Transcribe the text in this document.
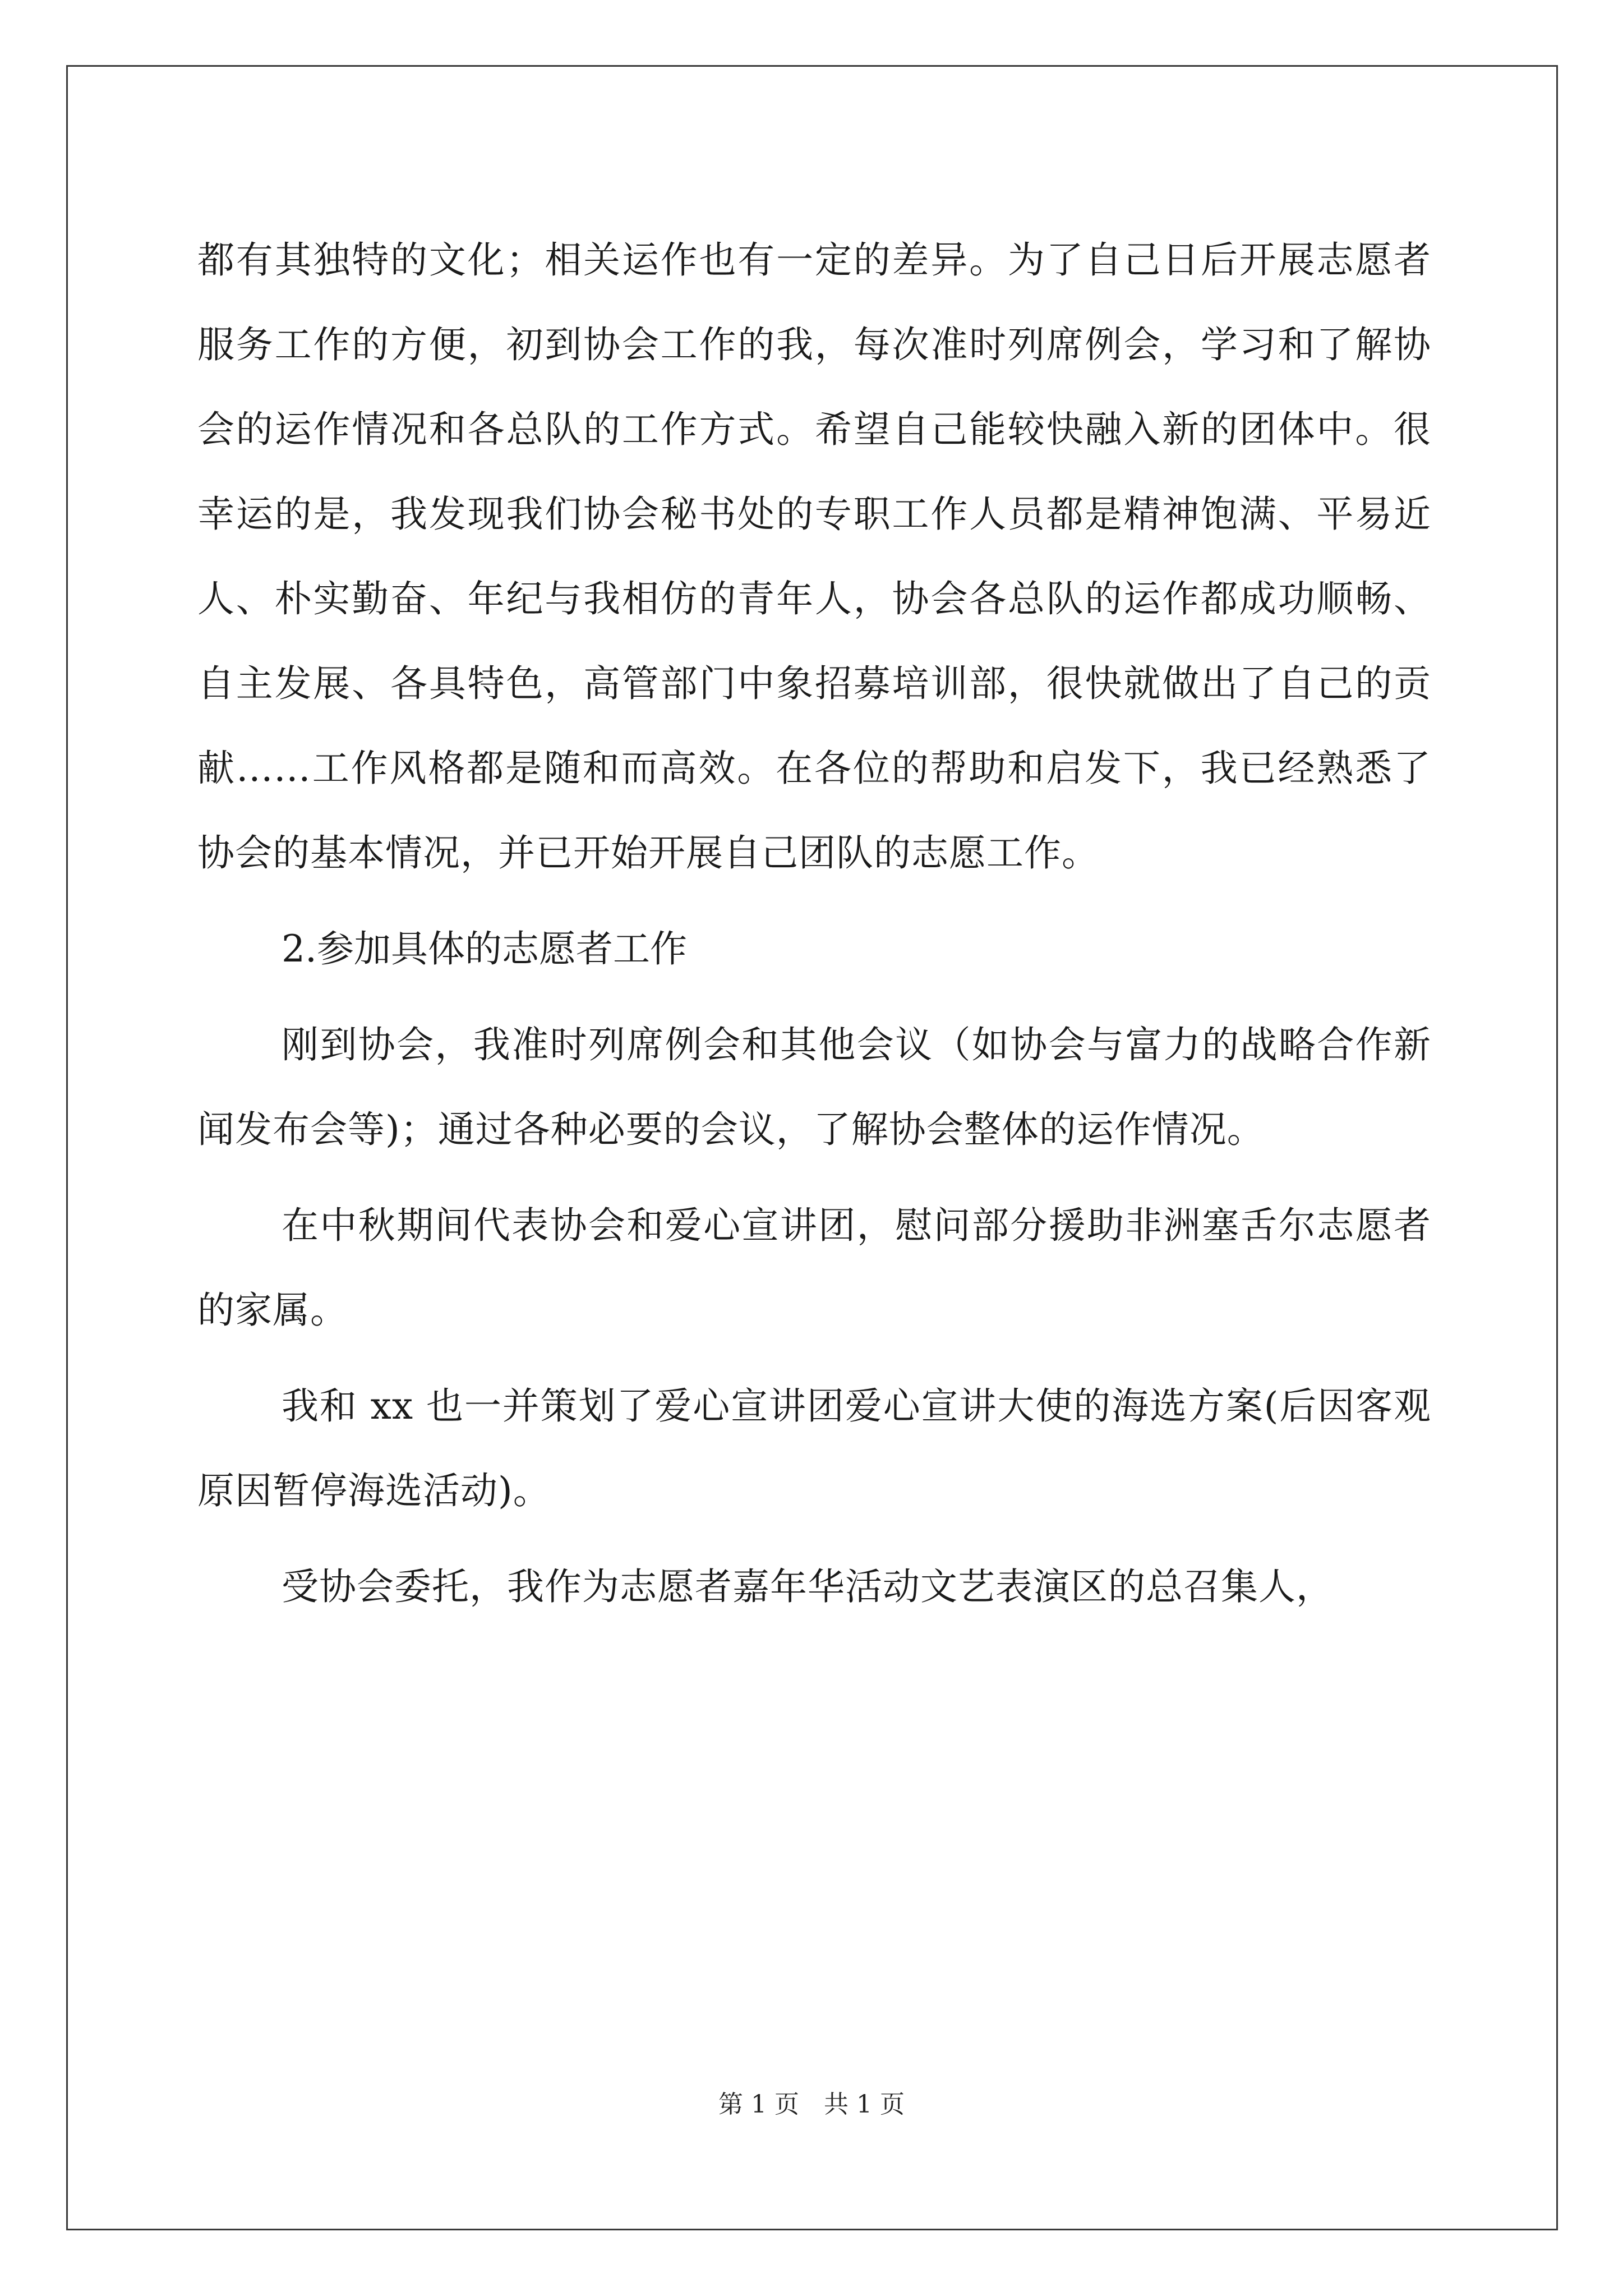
都有其独特的文化；相关运作也有一定的差异。为了自己日后开展志愿者服务工作的方便，初到协会工作的我，每次准时列席例会，学习和了解协会的运作情况和各总队的工作方式。希望自己能较快融入新的团体中。很幸运的是，我发现我们协会秘书处的专职工作人员都是精神饱满、平易近人、朴实勤奋、年纪与我相仿的青年人，协会各总队的运作都成功顺畅、自主发展、各具特色，高管部门中象招募培训部，很快就做出了自己的贡献……工作风格都是随和而高效。在各位的帮助和启发下，我已经熟悉了协会的基本情况，并已开始开展自己团队的志愿工作。

2.参加具体的志愿者工作

刚到协会，我准时列席例会和其他会议（如协会与富力的战略合作新闻发布会等)；通过各种必要的会议，了解协会整体的运作情况。

在中秋期间代表协会和爱心宣讲团，慰问部分援助非洲塞舌尔志愿者的家属。

我和 xx 也一并策划了爱心宣讲团爱心宣讲大使的海选方案(后因客观原因暂停海选活动)。

受协会委托，我作为志愿者嘉年华活动文艺表演区的总召集人，

第 1 页 共 1 页
